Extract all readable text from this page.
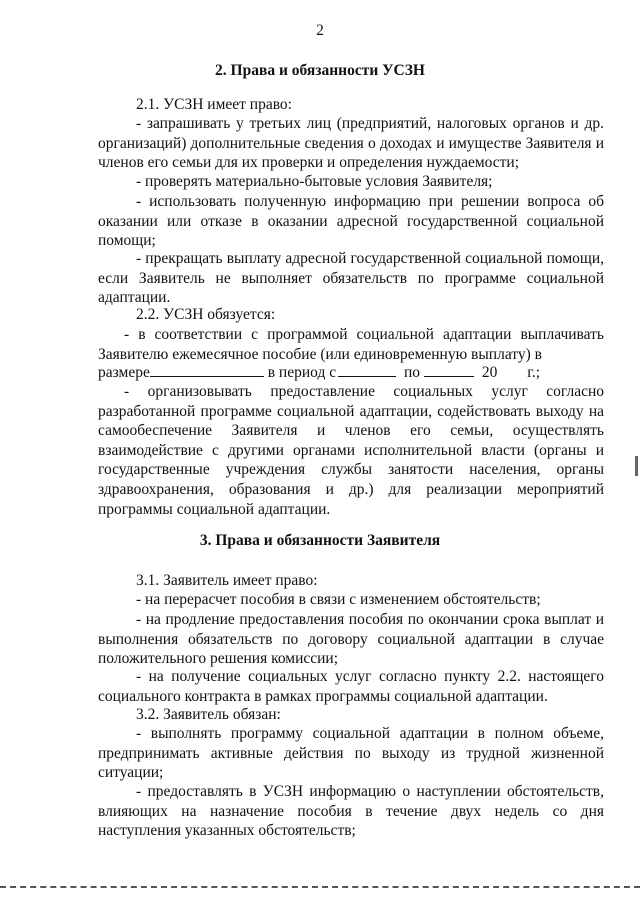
2
2. Права и обязанности УСЗН

2.1. УСЗН имеет право:

- запрашивать у третьих лиц (предприятий, налоговых органов и др. организаций) дополнительные сведения о доходах и имуществе Заявителя и членов его семьи для их проверки и определения нуждаемости;

- проверять материально-бытовые условия Заявителя;

- использовать полученную информацию при решении вопроса об оказании или отказе в оказании адресной государственной социальной помощи;

- прекращать выплату адресной государственной социальной помощи, если Заявитель не выполняет обязательств по программе социальной адаптации.

2.2. УСЗН обязуется:

- в соответствии с программой социальной адаптации выплачивать Заявителю ежемесячное пособие (или единовременную выплату) в

размере	в период с	по	20 г.;

- организовывать предоставление социальных услуг согласно разработанной программе социальной адаптации, содействовать выходу на самообеспечение Заявителя и членов его семьи, осуществлять взаимодействие с другими органами исполнительной власти (органы и государственные учреждения службы занятости населения, органы здравоохранения, образования и др.) для реализации мероприятий программы социальной адаптации.

3. Права и обязанности Заявителя

3.1. Заявитель имеет право:

- на перерасчет пособия в связи с изменением обстоятельств;

- на продление предоставления пособия по окончании срока выплат и выполнения обязательств по договору социальной адаптации в случае положительного решения комиссии;

- на получение социальных услуг согласно пункту 2.2. настоящего социального контракта в рамках программы социальной адаптации.

3.2. Заявитель обязан:

- выполнять программу социальной адаптации в полном объеме, предпринимать активные действия по выходу из трудной жизненной ситуации;

- предоставлять в УСЗН информацию о наступлении обстоятельств, влияющих на назначение пособия в течение двух недель со дня наступления указанных обстоятельств;
